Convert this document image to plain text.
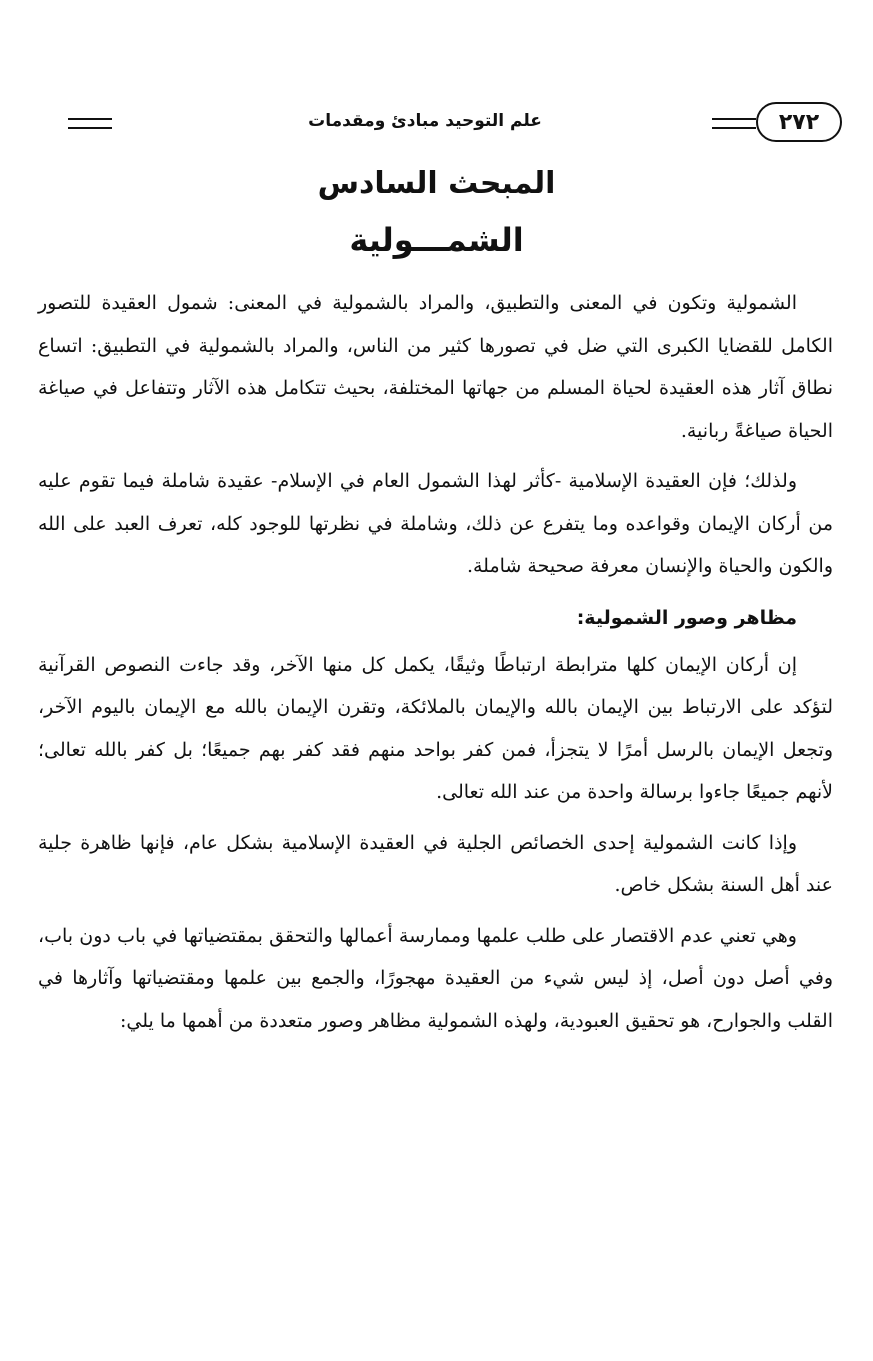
٢٧٢
علم التوحيد مبادئ ومقدمات
المبحث السادس
الشمـــولية

الشمولية وتكون في المعنى والتطبيق، والمراد بالشمولية في المعنى: شمول العقيدة للتصور الكامل للقضايا الكبرى التي ضل في تصورها كثير من الناس، والمراد بالشمولية في التطبيق: اتساع نطاق آثار هذه العقيدة لحياة المسلم من جهاتها المختلفة، بحيث تتكامل هذه الآثار وتتفاعل في صياغة الحياة صياغةً ربانية.

ولذلك؛ فإن العقيدة الإسلامية -كأثر لهذا الشمول العام في الإسلام- عقيدة شاملة فيما تقوم عليه من أركان الإيمان وقواعده وما يتفرع عن ذلك، وشاملة في نظرتها للوجود كله، تعرف العبد على الله والكون والحياة والإنسان معرفة صحيحة شاملة.

مظاهر وصور الشمولية:

إن أركان الإيمان كلها مترابطة ارتباطًا وثيقًا، يكمل كل منها الآخر، وقد جاءت النصوص القرآنية لتؤكد على الارتباط بين الإيمان بالله والإيمان بالملائكة، وتقرن الإيمان بالله مع الإيمان باليوم الآخر، وتجعل الإيمان بالرسل أمرًا لا يتجزأ، فمن كفر بواحد منهم فقد كفر بهم جميعًا؛ بل كفر بالله تعالى؛ لأنهم جميعًا جاءوا برسالة واحدة من عند الله تعالى.

وإذا كانت الشمولية إحدى الخصائص الجلية في العقيدة الإسلامية بشكل عام، فإنها ظاهرة جلية عند أهل السنة بشكل خاص.

وهي تعني عدم الاقتصار على طلب علمها وممارسة أعمالها والتحقق بمقتضياتها في باب دون باب، وفي أصل دون أصل، إذ ليس شيء من العقيدة مهجورًا، والجمع بين علمها ومقتضياتها وآثارها في القلب والجوارح، هو تحقيق العبودية، ولهذه الشمولية مظاهر وصور متعددة من أهمها ما يلي:
